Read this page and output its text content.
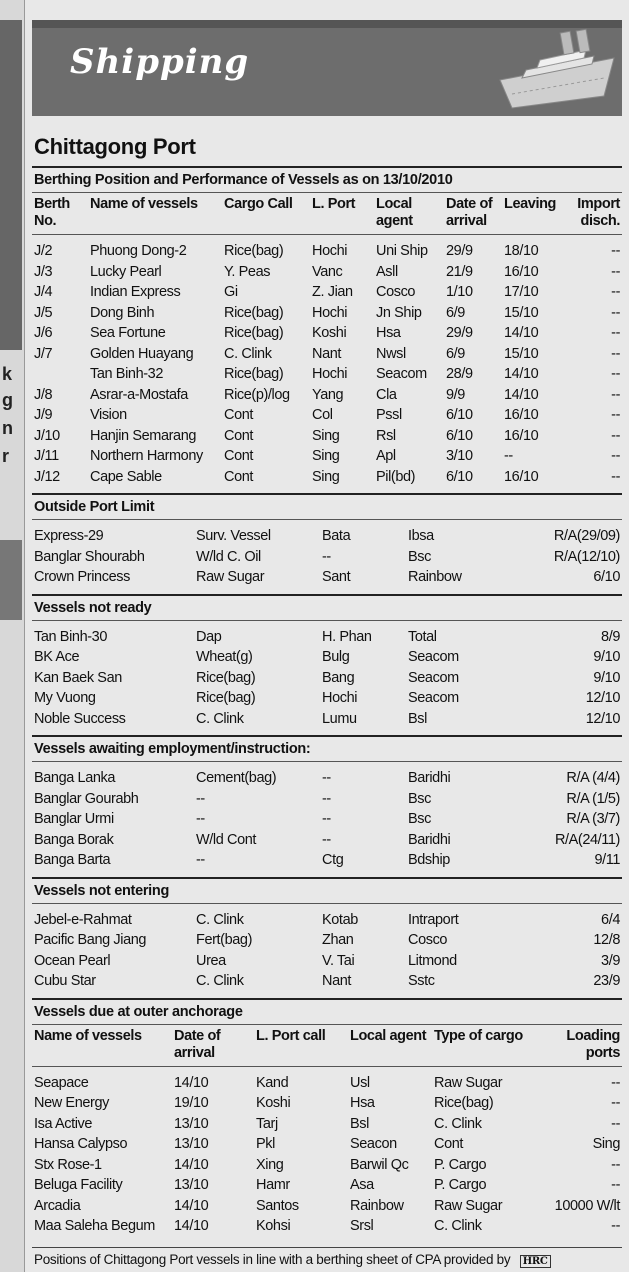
k
g
n
r
Shipping
Chittagong Port
Berthing Position and Performance of Vessels as on 13/10/2010
Berth No.	Name of vessels	Cargo Call	L. Port	Local agent	Date of arrival	Leaving	Import disch.

J/2	Phuong Dong-2	Rice(bag)	Hochi	Uni Ship	29/9	18/10	--
J/3	Lucky Pearl	Y. Peas	Vanc	Asll	21/9	16/10	--
J/4	Indian Express	Gi	Z. Jian	Cosco	1/10	17/10	--
J/5	Dong Binh	Rice(bag)	Hochi	Jn Ship	6/9	15/10	--
J/6	Sea Fortune	Rice(bag)	Koshi	Hsa	29/9	14/10	--
J/7	Golden Huayang	C. Clink	Nant	Nwsl	6/9	15/10	--
	Tan Binh-32	Rice(bag)	Hochi	Seacom	28/9	14/10	--
J/8	Asrar-a-Mostafa	Rice(p)/log	Yang	Cla	9/9	14/10	--
J/9	Vision	Cont	Col	Pssl	6/10	16/10	--
J/10	Hanjin Semarang	Cont	Sing	Rsl	6/10	16/10	--
J/11	Northern Harmony	Cont	Sing	Apl	3/10	--	--
J/12	Cape Sable	Cont	Sing	Pil(bd)	6/10	16/10	--

Outside Port Limit

Express-29	Surv. Vessel	Bata	Ibsa	R/A(29/09)
Banglar Shourabh	W/ld C. Oil	--	Bsc	R/A(12/10)
Crown Princess	Raw Sugar	Sant	Rainbow	6/10

Vessels not ready

Tan Binh-30	Dap	H. Phan	Total	8/9
BK Ace	Wheat(g)	Bulg	Seacom	9/10
Kan Baek San	Rice(bag)	Bang	Seacom	9/10
My Vuong	Rice(bag)	Hochi	Seacom	12/10
Noble Success	C. Clink	Lumu	Bsl	12/10

Vessels awaiting employment/instruction:

Banga Lanka	Cement(bag)	--	Baridhi	R/A (4/4)
Banglar Gourabh	--	--	Bsc	R/A (1/5)
Banglar Urmi	--	--	Bsc	R/A (3/7)
Banga Borak	W/ld Cont	--	Baridhi	R/A(24/11)
Banga Barta	--	Ctg	Bdship	9/11

Vessels not entering

Jebel-e-Rahmat	C. Clink	Kotab	Intraport	6/4
Pacific Bang Jiang	Fert(bag)	Zhan	Cosco	12/8
Ocean Pearl	Urea	V. Tai	Litmond	3/9
Cubu Star	C. Clink	Nant	Sstc	23/9

Vessels due at outer anchorage
Name of vessels	Date of arrival	L. Port call	Local agent	Type of cargo	Loading ports

Seapace	14/10	Kand	Usl	Raw Sugar	--
New Energy	19/10	Koshi	Hsa	Rice(bag)	--
Isa Active	13/10	Tarj	Bsl	C. Clink	--
Hansa Calypso	13/10	Pkl	Seacon	Cont	Sing
Stx Rose-1	14/10	Xing	Barwil Qc	P. Cargo	--
Beluga Facility	13/10	Hamr	Asa	P. Cargo	--
Arcadia	14/10	Santos	Rainbow	Raw Sugar	10000 W/lt
Maa Saleha Begum	14/10	Kohsi	Srsl	C. Clink	--

Positions of Chittagong Port vessels in line with a berthing sheet of CPA provided by HRC
